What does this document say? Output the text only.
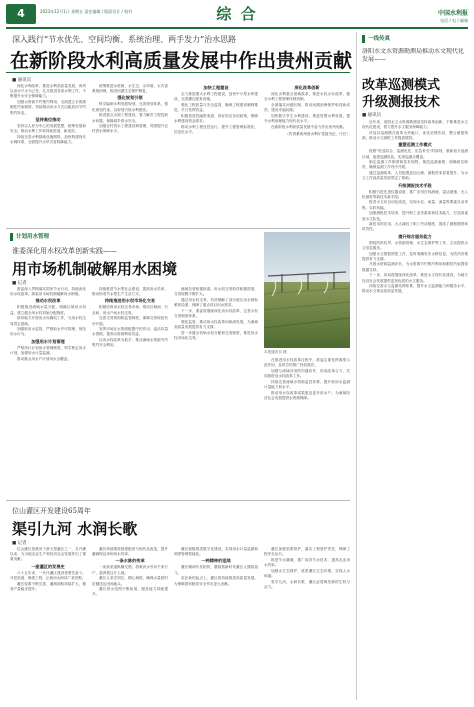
4	2023年12月1日 星期五 责任编辑 / 版面设计 / 校对	综 合	中国水利报
电话 / 电子邮箱
深入践行“节水优先、空间均衡、系统治理、两手发力”治水思路
在新阶段水利高质量发展中作出贵州贡献
■ 通讯员

深化水利改革，推进水利高质量发展，贵州以治水兴水为己任，扎实推进各项水利工作，不断提升水安全保障能力。

加强水资源节约集约利用，全面建立水资源刚性约束制度，持续推动用水方式由粗放向节约集约转变。

坚持高位推动

坚持以人民为中心的发展思想，统筹发展和安全，推动水利工作取得新进展、新成效。

持续完善水利基础设施网络，加快构建现代水网体系，全面提升水旱灾害防御能力。

统筹推进水资源、水生态、水环境、水灾害系统治理，推进河湖生态保护修复。

强化规划引领

科学编制水利发展规划，完善规划体系，强化规划约束，以规划引领水利建设。

推进重点水源工程建设，着力解决工程性缺水问题，保障城乡供水安全。

加强农村供水工程建设和管理，巩固提升农村供水保障水平。

加快工程建设

全力推进重大水利工程建设，加快中小型水库建设，完善灌区配套设施。

强化工程质量与安全监管，确保工程建设顺利推进，早日发挥效益。

积极拓宽投融资渠道，用好用足各项政策，保障水利建设资金需求。

推动水利工程良性运行，提升工程管理标准化、信息化水平。

深化改革创新

深化水利重点领域改革，推进水权水价改革，健全水利工程管理体制机制。

全面落实河湖长制，推动河湖治理保护取得新成效，建设幸福河湖。

加快数字孪生水利建设，推进智慧水利发展，提升水利治理能力现代化水平。

在新阶段水利高质量发展中奋力作出贵州贡献。

（作者系贵州省水利厅党组书记、厅长）
计划用水管理
淮委深化用水权改革创新实践——
用市场机制破解用水困境
■ 记者

淮委深入贯彻落实国家节水行动，持续深化用水权改革，探索用市场机制破解用水困境。

推动水权改革

积极推进流域水量分配，明确区域用水权益，建立健全用水权初始分配制度。

指导地方开展用水权确权工作，为用水权交易奠定基础。

加强取用水监管，严格取水许可管理，规范用水行为。

加强用水计划管理

严格执行计划用水管理制度，科学核定用水计划，加强用水计量监测。

推动重点用水户计划用水全覆盖。

持续推进节水型社会建设，提高用水效率，推动形成节水型生产生活方式。

持续推进用水权市场化交易

积极培育用水权交易市场，推动区域间、行业间、用水户间水权交易。

完善交易规则和监管制度，保障交易规范有序开展。

发挥市场在水资源配置中的作用，盘活存量水资源，提高水资源利用效益。

以用水权改革为抓手，推动流域水资源节约集约安全利用。

流域各省积极探索，用水权交易取得积极进展，交易规模不断扩大。

通过用水权交易，有效缓解了部分地区用水指标紧张局面，保障了重点项目用水需求。

下一步，淮委将继续深化用水权改革，完善水权交易制度体系。

强化监管，推动用水权改革向纵深发展，为流域高质量发展提供有力支撑。

进一步健全初始水权分配和交易制度，推进用水权市场化交易。

本报通讯员 摄

在推进用水权改革过程中，淮委注重发挥典型示范作用，及时总结推广经验做法。

加强与流域各省的沟通协作，形成改革合力，共同推进用水权改革工作。

持续完善流域水资源监控体系，提升取用水监测计量能力和水平。

推动用水权改革成果惠及更多用水户，为流域经济社会发展提供水资源保障。

位山灌区开发建设65周年
渠引九河 水润长歌
■ 记者

位山灌区是黄河下游大型灌区之一，自开灌以来，为当地农业生产和经济社会发展作出了重要贡献。

一座灌区的发展史

六十五年来，一代代灌区建设者艰苦奋斗，开挖渠道、修建工程，让黄河水润泽广袤田野。

灌区渠系不断完善，灌溉面积持续扩大，粮食产量稳步提升。

灌区持续推进续建配套与现代化改造，提升灌溉保证率和用水效率。

一条水脉的传承

一条条渠道纵横交错，将黄河水引向千家万户，滋养着这片土地。

灌区人坚守岗位，精心调度，确保水量按时足额送达田间地头。

灌区供水范围不断拓展，服务能力持续提升。

灌区积极推进数字化建设，实现用水计量监测和调度管理智能化。

一种精神的延续

灌区精神代代相传，激励着新时代灌区人继续奋斗。

站在新的起点上，灌区将持续推进高质量发展，为保障国家粮食安全作出更大贡献。

灌区加强渠系管护，落实工程管护责任，保障工程安全运行。

推进节水灌溉，推广高效节水技术，提高农业用水效率。

加强水生态保护，改善灌区生态环境，实现人水和谐。

渠引九河，水润长歌，灌区必将焕发新的生机与活力。

一线传真
洛阳水文水资源勘测局推动水文现代化发展——
改革巡测模式
升级测报技术
■ 通讯员

近年来，洛阳水文水资源勘测局坚持改革创新，不断推进水文现代化建设，着力提升水文服务保障能力。

该局以巡测模式改革为突破口，优化站网布局，整合测报资源，推动水文测报工作提质增效。

重塑巡测工作模式

按照“驻巡结合、巡测优先、应急补充”的原则，重新划分巡测区域，组建巡测队伍，实现巡测全覆盖。

制定巡测工作制度和技术规程，规范巡测流程，明确岗位职责，确保巡测工作有序开展。

通过巡测改革，人员配置更加合理，测报效率显著提升，为水文工作高质量发展奠定了基础。

升级测报技术手段

积极引进先进仪器设备，推广应用在线测流、雷达测速、无人机测验等新技术新手段。

推进水文站自动化改造，实现水位、雨量、流量等要素自动采集、实时传输。

加强测报技术培训，提升职工业务素质和技术能力，打造高素质水文队伍。

新技术的应用，大大减轻了职工劳动强度，提高了测报精度和时效性。

提升综合服务能力

围绕防汛抗旱、水资源管理、水生态保护等工作，主动提供水文信息服务。

加强水文情报预报工作，及时准确发布水情信息，为防汛决策提供有力支撑。

开展水资源监测评价，为水资源节约集约利用和刚性约束提供数据支持。

下一步，该局将继续深化改革，推进水文现代化建设，为地方经济社会发展提供更加优质的水文服务。

持续完善水文监测站网体系，提升水文监测能力和服务水平，推动水文事业高质量发展。
